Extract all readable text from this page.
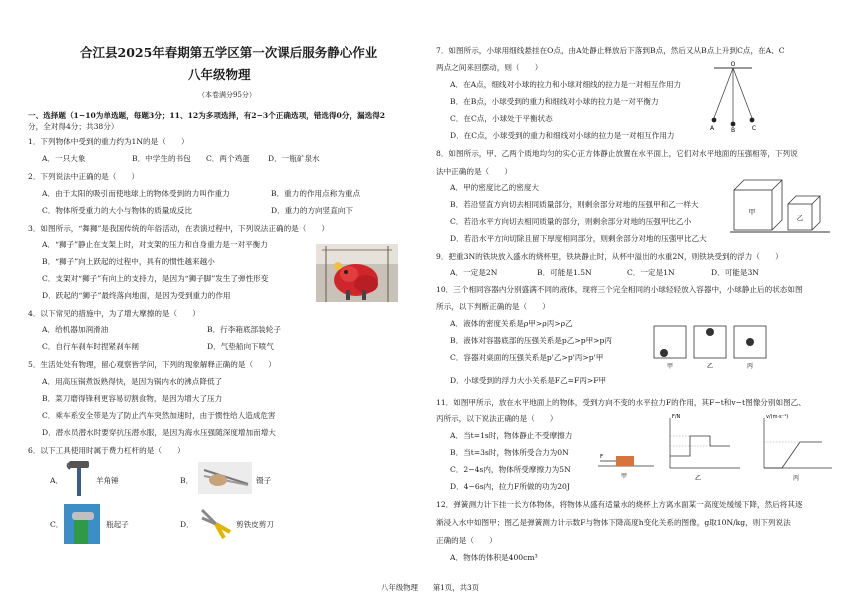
合江县2025年春期第五学区第一次课后服务静心作业
八年级物理
（本卷满分95分）
一、选择题（1−10为单选题，每题3分；11、12为多项选择，有2−3个正确选项，错选得0分，漏选得2
分，全对得4分；共38分）
1．下列物体中受到的重力约为1N的是（　　）
A．一只大象	B．中学生的书包 C．两个鸡蛋 D．一瓶矿泉水
2．下列说法中正确的是（　　）
A．由于太阳的吸引而使地球上的物体受到的力叫作重力	B．重力的作用点称为重点
C．物体所受重力的大小与物体的质量成反比	D．重力的方向竖直向下
3．如图所示，“舞狮”是我国传统的年俗活动，在表演过程中，下列说法正确的是（　　）
A．“狮子”静止在支架上时，对支架的压力和自身重力是一对平衡力
B．“狮子”向上跃起的过程中，具有的惯性越来越小
C．支架对“狮子”有向上的支持力，是因为“狮子脚”发生了弹性形变
D．跃起的“狮子”最终落向地面，是因为受到重力的作用
4．以下常见的措施中，为了增大摩擦的是（　　）
A．给机器加润滑油	B．行李箱底部装轮子
C．自行车刹车时捏紧刹车闸	D．气垫船向下喷气
5．生活处处有物理，留心观察皆学问，下列的现象解释正确的是（　　）
A．用高压锅煮饭熟得快，是因为锅内水的沸点降低了
B．菜刀磨得锋利更容易切割食物，是因为增大了压力
C．乘车系安全带是为了防止汽车突然加速时，由于惯性给人造成危害
D．潜水员潜水时要穿抗压潜水服，是因为海水压强随深度增加而增大
6．以下工具使用时属于费力杠杆的是（　　）
A．	羊角锤	B．	镊子
C．	瓶起子	D．	剪铁皮剪刀
7．如图所示，小球用细线悬挂在O点，由A处静止释放后下落到B点，然后又从B点上升到C点，在A、C
两点之间来回摆动，则（　　）
A．在A点，细线对小球的拉力和小球对细线的拉力是一对相互作用力
B．在B点，小球受到的重力和细线对小球的拉力是一对平衡力
C．在C点，小球处于平衡状态
D．在C点，小球受到的重力和细线对小球的拉力是一对相互作用力
O
A	B	C
8．如图所示，甲、乙两个质地均匀的实心正方体静止放置在水平面上，它们对水平地面的压强相等，下列说
法中正确的是（　　）
A．甲的密度比乙的密度大
B．若沿竖直方向切去相同质量部分，则剩余部分对地的压强甲和乙一样大
C．若沿水平方向切去相同质量的部分，则剩余部分对地的压强甲比乙小
D．若沿水平方向切除且留下厚度相同部分，则剩余部分对地的压强甲比乙大
甲
乙
9．把重3N的铁块放入盛水的烧杯里，铁块静止时，从杯中溢出的水重2N，则铁块受到的浮力（　　）
A．一定是2N	B．可能是1.5N	C．一定是1N	D．可能是3N
10．三个相同容器内分别盛满不同的液体，现将三个完全相同的小球轻轻放入容器中，小球静止后的状态如图
所示，以下判断正确的是（　　）
A．液体的密度关系是ρ甲>ρ丙>ρ乙
B．液体对容器底部的压强关系是p乙>p甲>p丙
C．容器对桌面的压强关系是p'乙>p'丙>p'甲
D．小球受到的浮力大小关系是F乙=F丙>F甲
甲	乙	丙
11．如图甲所示，放在水平地面上的物体，受到方向不变的水平拉力F的作用，其F−t和v−t图像分别如图乙、
丙所示，以下说法正确的是（　　）
A．当t=1s时，物体静止不受摩擦力
B．当t=3s时，物体所受合力为0N
C．2−4s内，物体所受摩擦力为5N
D．4−6s内，拉力F所做的功为20J
F
甲
F/N
乙
v/(m·s⁻¹)
丙
12．弹簧测力计下挂一长方体物体，将物体从盛有适量水的烧杯上方离水面某一高度处缓缓下降，然后将其逐
渐浸入水中如图甲；图乙是弹簧测力计示数F与物体下降高度h变化关系的图像，g取10N/kg，则下列说法
正确的是（　　）
A．物体的体积是400cm³
八年级物理　　第1页，共3页
